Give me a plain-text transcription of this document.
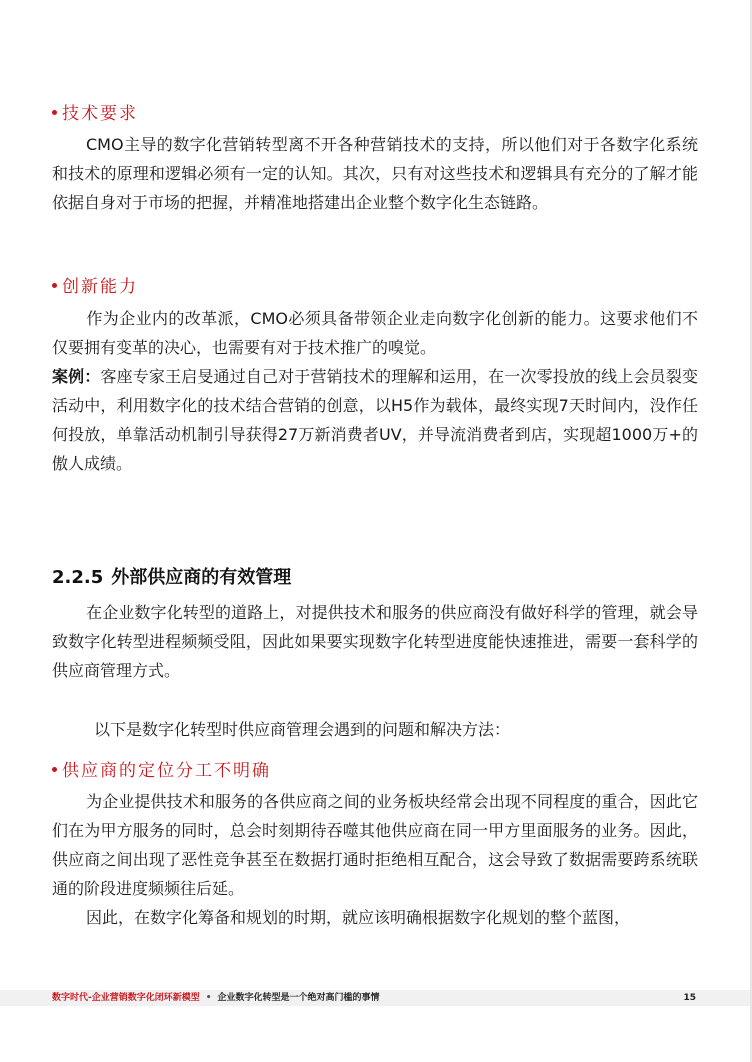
技术要求
CMO主导的数字化营销转型离不开各种营销技术的支持，所以他们对于各数字化系统和技术的原理和逻辑必须有一定的认知。其次，只有对这些技术和逻辑具有充分的了解才能依据自身对于市场的把握，并精准地搭建出企业整个数字化生态链路。
创新能力
作为企业内的改革派，CMO必须具备带领企业走向数字化创新的能力。这要求他们不仅要拥有变革的决心，也需要有对于技术推广的嗅觉。
案例：客座专家王启旻通过自己对于营销技术的理解和运用，在一次零投放的线上会员裂变活动中，利用数字化的技术结合营销的创意，以H5作为载体，最终实现7天时间内，没作任何投放，单靠活动机制引导获得27万新消费者UV，并导流消费者到店，实现超1000万+的傲人成绩。
2.2.5 外部供应商的有效管理
在企业数字化转型的道路上，对提供技术和服务的供应商没有做好科学的管理，就会导致数字化转型进程频频受阻，因此如果要实现数字化转型进度能快速推进，需要一套科学的供应商管理方式。
以下是数字化转型时供应商管理会遇到的问题和解决方法：
供应商的定位分工不明确
为企业提供技术和服务的各供应商之间的业务板块经常会出现不同程度的重合，因此它们在为甲方服务的同时，总会时刻期待吞噬其他供应商在同一甲方里面服务的业务。因此，供应商之间出现了恶性竞争甚至在数据打通时拒绝相互配合，这会导致了数据需要跨系统联通的阶段进度频频往后延。
因此，在数字化筹备和规划的时期，就应该明确根据数字化规划的整个蓝图，
数字时代-企业营销数字化闭环新模型 • 企业数字化转型是一个绝对高门槛的事情	15
